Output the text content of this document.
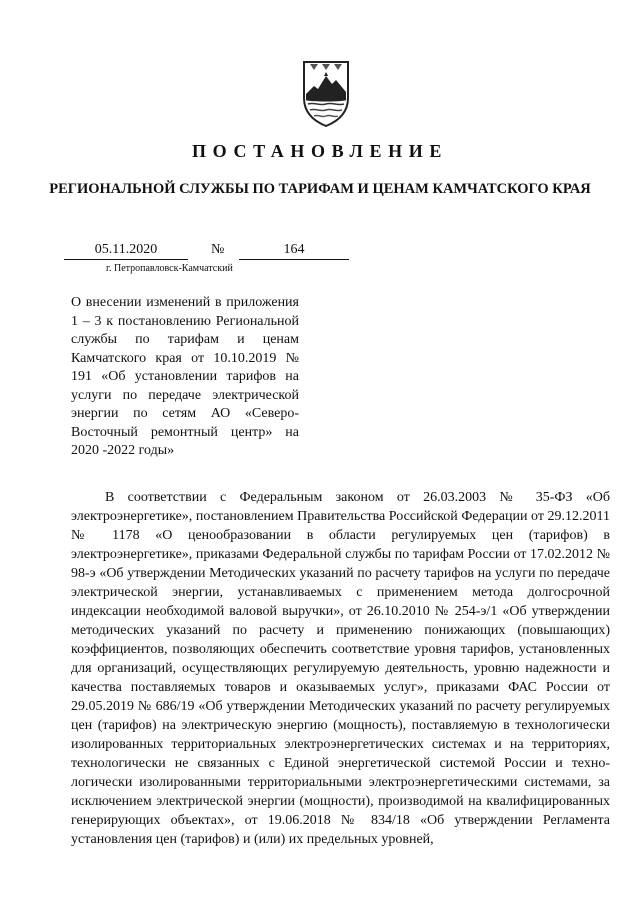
ПОСТАНОВЛЕНИЕ
РЕГИОНАЛЬНОЙ СЛУЖБЫ ПО ТАРИФАМ И ЦЕНАМ КАМЧАТСКОГО КРАЯ
05.11.2020	№	164
г. Петропавловск-Камчатский
О внесении изменений в приложения 1 – 3 к постановлению Региональной службы по тарифам и ценам Камчатского края от 10.10.2019 № 191 «Об установлении тарифов на услуги по передаче электрической энергии по сетям АО «Северо-Восточный ремонтный центр» на 2020 -2022 годы»

В соответствии с Федеральным законом от 26.03.2003 № 35-ФЗ «Об электроэнергетике», постановлением Правительства Российской Федерации от 29.12.2011 № 1178 «О ценообразовании в области регулируемых цен (тарифов) в электроэнергетике», приказами Федеральной службы по тарифам России от 17.02.2012 № 98-э «Об утверждении Методических указаний по расчету тарифов на услуги по передаче электрической энергии, устанавливаемых с применением метода долгосрочной индексации необходимой валовой выручки», от 26.10.2010 № 254-э/1 «Об утверждении методических указаний по расчету и применению понижающих (повышающих) коэффициентов, позволяющих обеспечить соответствие уровня тарифов, установленных для организаций, осуществляющих регулируемую деятельность, уровню надежности и качества поставляемых товаров и оказываемых услуг», приказами ФАС России от 29.05.2019 № 686/19 «Об утверждении Методических указаний по расчету регулируемых цен (тарифов) на электрическую энергию (мощность), поставляемую в технологически изолированных территориальных электроэнергетических системах и на территориях, технологически не связанных с Единой энергетической системой России и техно-логически изолированными территориальными электроэнергетическими системами, за исключением электрической энергии (мощности), производимой на квалифицированных генерирующих объектах», от 19.06.2018 № 834/18 «Об утверждении Регламента установления цен (тарифов) и (или) их предельных уровней,
